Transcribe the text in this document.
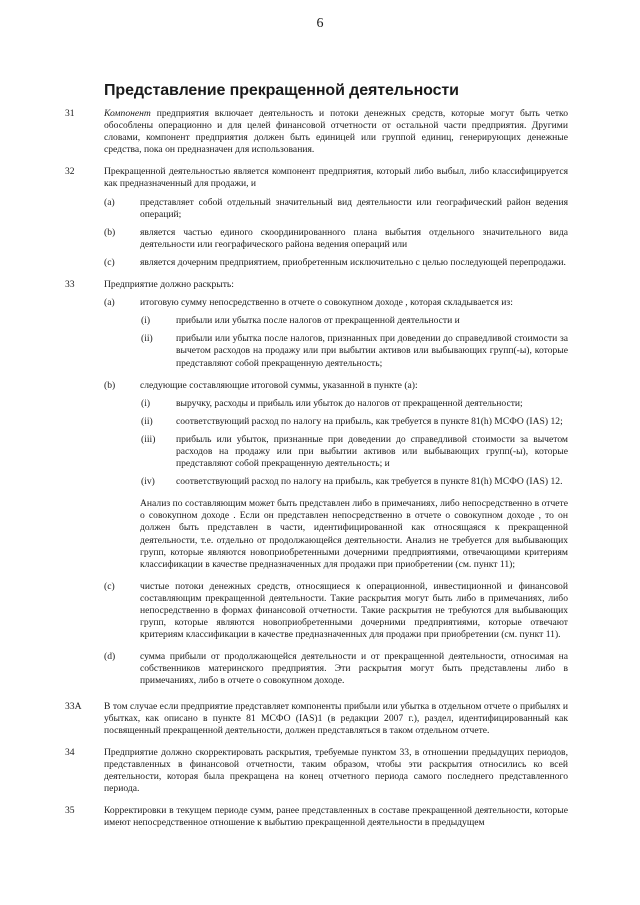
6
Представление прекращенной деятельности
31	Компонент предприятия включает деятельность и потоки денежных средств, которые могут быть четко обособлены операционно и для целей финансовой отчетности от остальной части предприятия. Другими словами, компонент предприятия должен быть единицей или группой единиц, генерирующих денежные средства, пока он предназначен для использования.
32	Прекращенной деятельностью является компонент предприятия, который либо выбыл, либо классифицируется как предназначенный для продажи, и
(a)	представляет собой отдельный значительный вид деятельности или географический район ведения операций;
(b)	является частью единого скоординированного плана выбытия отдельного значительного вида деятельности или географического района ведения операций или
(c)	является дочерним предприятием, приобретенным исключительно с целью последующей перепродажи.
33	Предприятие должно раскрыть:
(a)	итоговую сумму непосредственно в отчете о совокупном доходе , которая складывается из:
(i)	прибыли или убытка после налогов от прекращенной деятельности и
(ii) прибыли или убытка после налогов, признанных при доведении до справедливой стоимости за вычетом расходов на продажу или при выбытии активов или выбывающих групп(-ы), которые представляют собой прекращенную деятельность;
(b)	следующие составляющие итоговой суммы, указанной в пункте (a):
(i)	выручку, расходы и прибыль или убыток до налогов от прекращенной деятельности;
(ii) соответствующий расход по налогу на прибыль, как требуется в пункте 81(h) МСФО (IAS) 12;
(iii) прибыль или убыток, признанные при доведении до справедливой стоимости за вычетом расходов на продажу или при выбытии активов или выбывающих групп(-ы), которые представляют собой прекращенную деятельность; и
(iv) соответствующий расход по налогу на прибыль, как требуется в пункте 81(h) МСФО (IAS) 12.
Анализ по составляющим может быть представлен либо в примечаниях, либо непосредственно в отчете о совокупном доходе . Если он представлен непосредственно в отчете о совокупном доходе , то он должен быть представлен в части, идентифицированной как относящаяся к прекращенной деятельности, т.е. отдельно от продолжающейся деятельности. Анализ не требуется для выбывающих групп, которые являются новоприобретенными дочерними предприятиями, отвечающими критериям классификации в качестве предназначенных для продажи при приобретении (см. пункт 11);
(c)	чистые потоки денежных средств, относящиеся к операционной, инвестиционной и финансовой составляющим прекращенной деятельности. Такие раскрытия могут быть либо в примечаниях, либо непосредственно в формах финансовой отчетности. Такие раскрытия не требуются для выбывающих групп, которые являются новоприобретенными дочерними предприятиями, которые отвечают критериям классификации в качестве предназначенных для продажи при приобретении (см. пункт 11).
(d)	сумма прибыли от продолжающейся деятельности и от прекращенной деятельности, относимая на собственников материнского предприятия. Эти раскрытия могут быть представлены либо в примечаниях, либо в отчете о совокупном доходе.
33A В том случае если предприятие представляет компоненты прибыли или убытка в отдельном отчете о прибылях и убытках, как описано в пункте 81 МСФО (IAS)1 (в редакции 2007 г.), раздел, идентифицированный как посвященный прекращенной деятельности, должен представляться в таком отдельном отчете.
34	Предприятие должно скорректировать раскрытия, требуемые пунктом 33, в отношении предыдущих периодов, представленных в финансовой отчетности, таким образом, чтобы эти раскрытия относились ко всей деятельности, которая была прекращена на конец отчетного периода самого последнего представленного периода.
35	Корректировки в текущем периоде сумм, ранее представленных в составе прекращенной деятельности, которые имеют непосредственное отношение к выбытию прекращенной деятельности в предыдущем
